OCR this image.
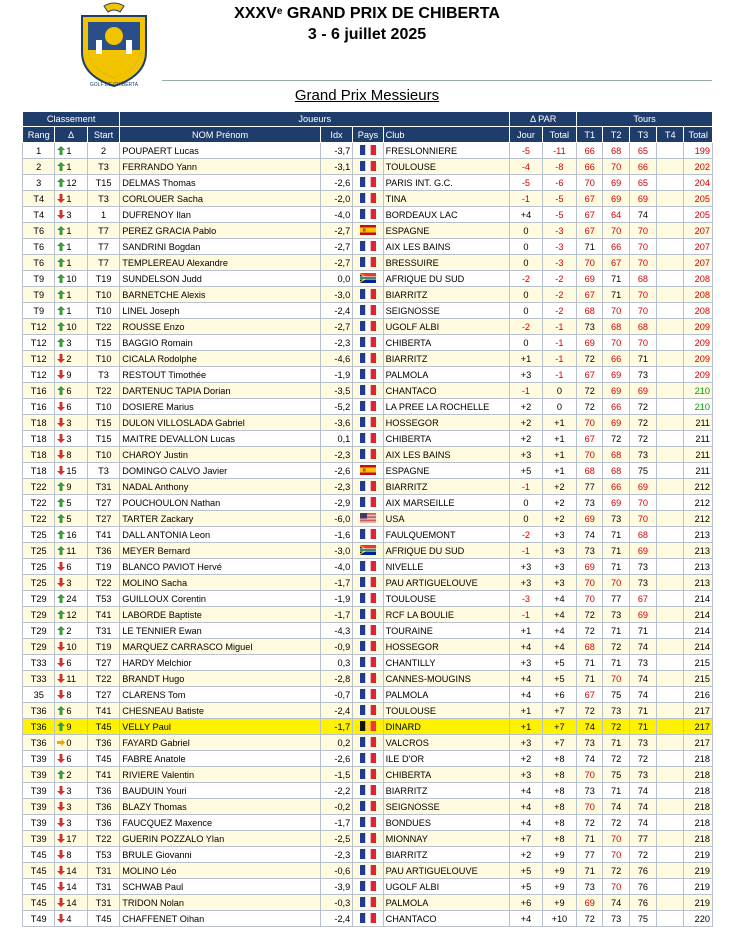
GOLF DE CHIBERTA
XXXVe GRAND PRIX DE CHIBERTA
3 - 6 juillet 2025
Grand Prix Messieurs
Classement			Joueurs				Δ PAR		Tours				
Rang	Δ	Start	NOM Prénom	Idx	Pays	Club	Jour	Total	T1	T2	T3	T4	Total
1	1	2	POUPAERT Lucas	-3,7		FRESLONNIERE	-5	-11	66	68	65		199
2	1	T3	FERRANDO Yann	-3,1		TOULOUSE	-4	-8	66	70	66		202
3	12	T15	DELMAS Thomas	-2,6		PARIS INT. G.C.	-5	-6	70	69	65		204
T4	1	T3	CORLOUER Sacha	-2,0		TINA	-1	-5	67	69	69		205
T4	3	1	DUFRENOY Ilan	-4,0		BORDEAUX LAC	+4	-5	67	64	74		205
T6	1	T7	PEREZ GRACIA Pablo	-2,7		ESPAGNE	0	-3	67	70	70		207
T6	1	T7	SANDRINI Bogdan	-2,7		AIX LES BAINS	0	-3	71	66	70		207
T6	1	T7	TEMPLEREAU Alexandre	-2,7		BRESSUIRE	0	-3	70	67	70		207
T9	10	T19	SUNDELSON Judd	0,0		AFRIQUE DU SUD	-2	-2	69	71	68		208
T9	1	T10	BARNETCHE Alexis	-3,0		BIARRITZ	0	-2	67	71	70		208
T9	1	T10	LINEL Joseph	-2,4		SEIGNOSSE	0	-2	68	70	70		208
T12	10	T22	ROUSSE Enzo	-2,7		UGOLF ALBI	-2	-1	73	68	68		209
T12	3	T15	BAGGIO Romain	-2,3		CHIBERTA	0	-1	69	70	70		209
T12	2	T10	CICALA Rodolphe	-4,6		BIARRITZ	+1	-1	72	66	71		209
T12	9	T3	RESTOUT Timothée	-1,9		PALMOLA	+3	-1	67	69	73		209
T16	6	T22	DARTENUC TAPIA Dorian	-3,5		CHANTACO	-1	0	72	69	69		210
T16	6	T10	DOSIERE Marius	-5,2		LA PREE LA ROCHELLE	+2	0	72	66	72		210
T18	3	T15	DULON VILLOSLADA Gabriel	-3,6		HOSSEGOR	+2	+1	70	69	72		211
T18	3	T15	MAITRE DEVALLON Lucas	0,1		CHIBERTA	+2	+1	67	72	72		211
T18	8	T10	CHAROY Justin	-2,3		AIX LES BAINS	+3	+1	70	68	73		211
T18	15	T3	DOMINGO CALVO Javier	-2,6		ESPAGNE	+5	+1	68	68	75		211
T22	9	T31	NADAL Anthony	-2,3		BIARRITZ	-1	+2	77	66	69		212
T22	5	T27	POUCHOULON Nathan	-2,9		AIX MARSEILLE	0	+2	73	69	70		212
T22	5	T27	TARTER Zackary	-6,0		USA	0	+2	69	73	70		212
T25	16	T41	DALL ANTONIA Leon	-1,6		FAULQUEMONT	-2	+3	74	71	68		213
T25	11	T36	MEYER Bernard	-3,0		AFRIQUE DU SUD	-1	+3	73	71	69		213
T25	6	T19	BLANCO PAVIOT Hervé	-4,0		NIVELLE	+3	+3	69	71	73		213
T25	3	T22	MOLINO Sacha	-1,7		PAU ARTIGUELOUVE	+3	+3	70	70	73		213
T29	24	T53	GUILLOUX Corentin	-1,9		TOULOUSE	-3	+4	70	77	67		214
T29	12	T41	LABORDE Baptiste	-1,7		RCF LA BOULIE	-1	+4	72	73	69		214
T29	2	T31	LE TENNIER Ewan	-4,3		TOURAINE	+1	+4	72	71	71		214
T29	10	T19	MARQUEZ CARRASCO Miguel	-0,9		HOSSEGOR	+4	+4	68	72	74		214
T33	6	T27	HARDY Melchior	0,3		CHANTILLY	+3	+5	71	71	73		215
T33	11	T22	BRANDT Hugo	-2,8		CANNES-MOUGINS	+4	+5	71	70	74		215
35	8	T27	CLARENS Tom	-0,7		PALMOLA	+4	+6	67	75	74		216
T36	6	T41	CHESNEAU Batiste	-2,4		TOULOUSE	+1	+7	72	73	71		217
T36	9	T45	VELLY Paul	-1,7		DINARD	+1	+7	74	72	71		217
T36	0	T36	FAYARD Gabriel	0,2		VALCROS	+3	+7	73	71	73		217
T39	6	T45	FABRE Anatole	-2,6		ILE D'OR	+2	+8	74	72	72		218
T39	2	T41	RIVIERE Valentin	-1,5		CHIBERTA	+3	+8	70	75	73		218
T39	3	T36	BAUDUIN Youri	-2,2		BIARRITZ	+4	+8	73	71	74		218
T39	3	T36	BLAZY Thomas	-0,2		SEIGNOSSE	+4	+8	70	74	74		218
T39	3	T36	FAUCQUEZ Maxence	-1,7		BONDUES	+4	+8	72	72	74		218
T39	17	T22	GUERIN POZZALO Ylan	-2,5		MIONNAY	+7	+8	71	70	77		218
T45	8	T53	BRULE Giovanni	-2,3		BIARRITZ	+2	+9	77	70	72		219
T45	14	T31	MOLINO Léo	-0,6		PAU ARTIGUELOUVE	+5	+9	71	72	76		219
T45	14	T31	SCHWAB Paul	-3,9		UGOLF ALBI	+5	+9	73	70	76		219
T45	14	T31	TRIDON Nolan	-0,3		PALMOLA	+6	+9	69	74	76		219
T49	4	T45	CHAFFENET Oihan	-2,4		CHANTACO	+4	+10	72	73	75		220
